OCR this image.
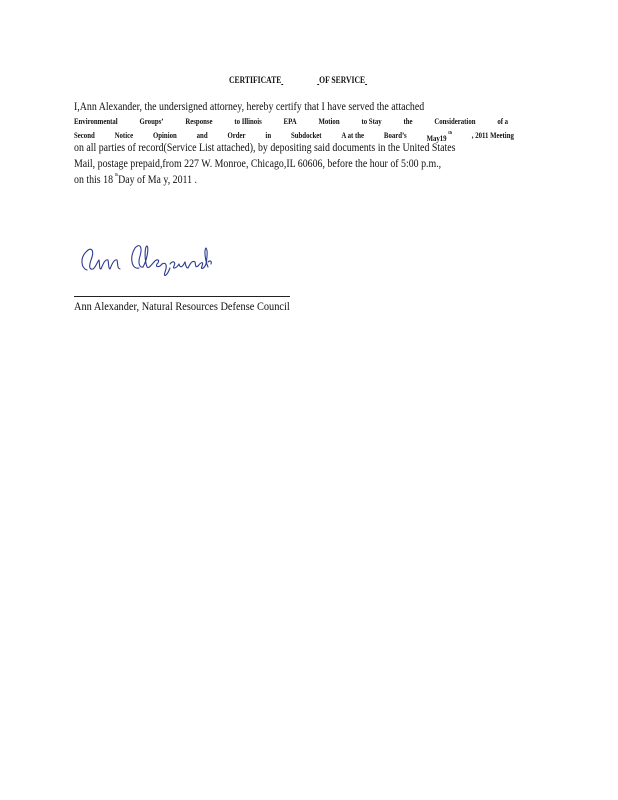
CERTIFICATE	OF SERVICE
I,Ann Alexander, the undersigned attorney, hereby certify that I have served the attached
Environmental	Groups’	Response	to Illinois	EPA	Motion	to Stay	the	Consideration	of a
Second Notice Opinion and Order in Subdocket A at the Board’s May19th , 2011 Meeting
on all parties of record(Service List attached), by depositing said documents in the United States
Mail, postage prepaid,from 227 W. Monroe, Chicago,IL 60606, before the hour of 5:00 p.m.,
on this 18 $^{th}$Day of Ma y, 2011 .
Ann Alexander, Natural Resources Defense Council
